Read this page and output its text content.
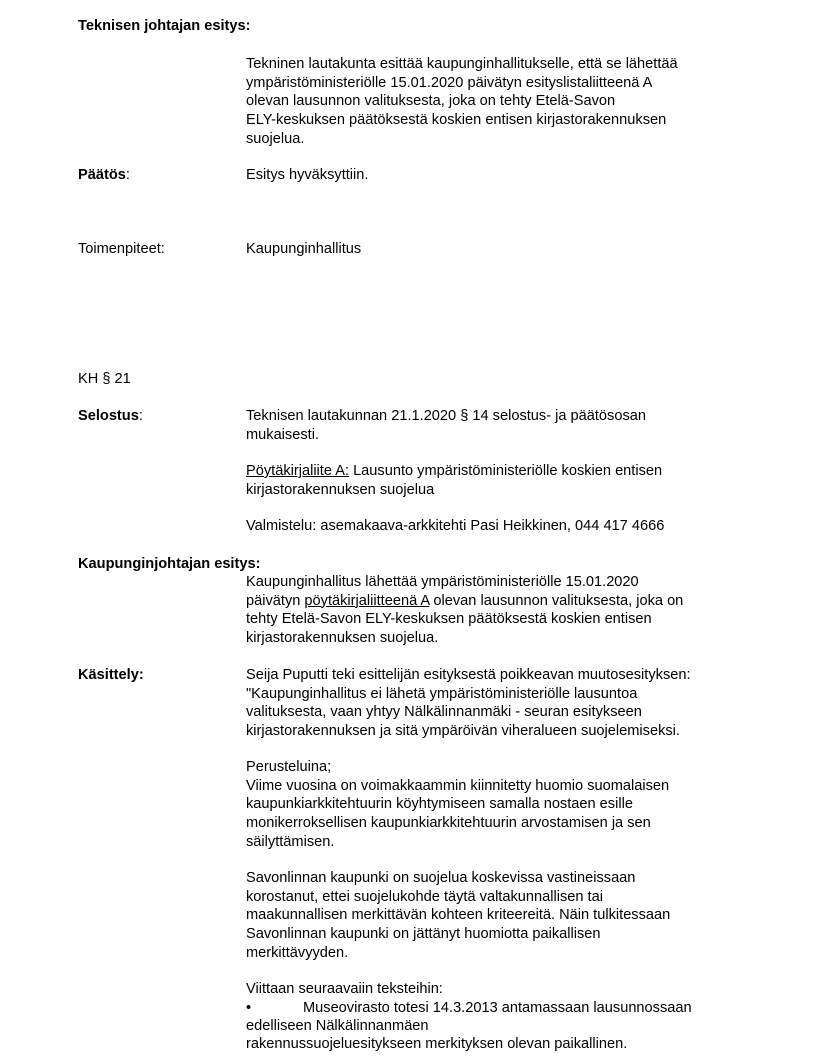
Teknisen johtajan esitys:
Tekninen lautakunta esittää kaupunginhallitukselle, että se lähettää
ympäristöministeriölle 15.01.2020 päivätyn esityslistaliitteenä A
olevan lausunnon valituksesta, joka on tehty Etelä-Savon
ELY-keskuksen päätöksestä koskien entisen kirjastorakennuksen
suojelua.
Päätös:	Esitys hyväksyttiin.
Toimenpiteet:	Kaupunginhallitus
KH § 21
Selostus:	Teknisen lautakunnan 21.1.2020 § 14 selostus- ja päätösosan
mukaisesti.
Pöytäkirjaliite A: Lausunto ympäristöministeriölle koskien entisen
kirjastorakennuksen suojelua
Valmistelu: asemakaava-arkkitehti Pasi Heikkinen, 044 417 4666
Kaupunginjohtajan esitys:
Kaupunginhallitus lähettää ympäristöministeriölle 15.01.2020
päivätyn pöytäkirjaliitteenä A olevan lausunnon valituksesta, joka on
tehty Etelä-Savon ELY-keskuksen päätöksestä koskien entisen
kirjastorakennuksen suojelua.
Käsittely:	Seija Puputti teki esittelijän esityksestä poikkeavan muutosesityksen:
"Kaupunginhallitus ei lähetä ympäristöministeriölle lausuntoa
valituksesta, vaan yhtyy Nälkälinnanmäki - seuran esitykseen
kirjastorakennuksen ja sitä ympäröivän viheralueen suojelemiseksi.
Perusteluina;
Viime vuosina on voimakkaammin kiinnitetty huomio suomalaisen
kaupunkiarkkitehtuurin köyhtymiseen samalla nostaen esille
monikerroksellisen kaupunkiarkkitehtuurin arvostamisen ja sen
säilyttämisen.
Savonlinnan kaupunki on suojelua koskevissa vastineissaan
korostanut, ettei suojelukohde täytä valtakunnallisen tai
maakunnallisen merkittävän kohteen kriteereitä. Näin tulkitessaan
Savonlinnan kaupunki on jättänyt huomiotta paikallisen
merkittävyyden.
Viittaan seuraavaiin teksteihin:
•	Museovirasto totesi 14.3.2013 antamassaan lausunnossaan
edelliseen Nälkälinnanmäen
rakennussuojeluesitykseen merkityksen olevan paikallinen.
